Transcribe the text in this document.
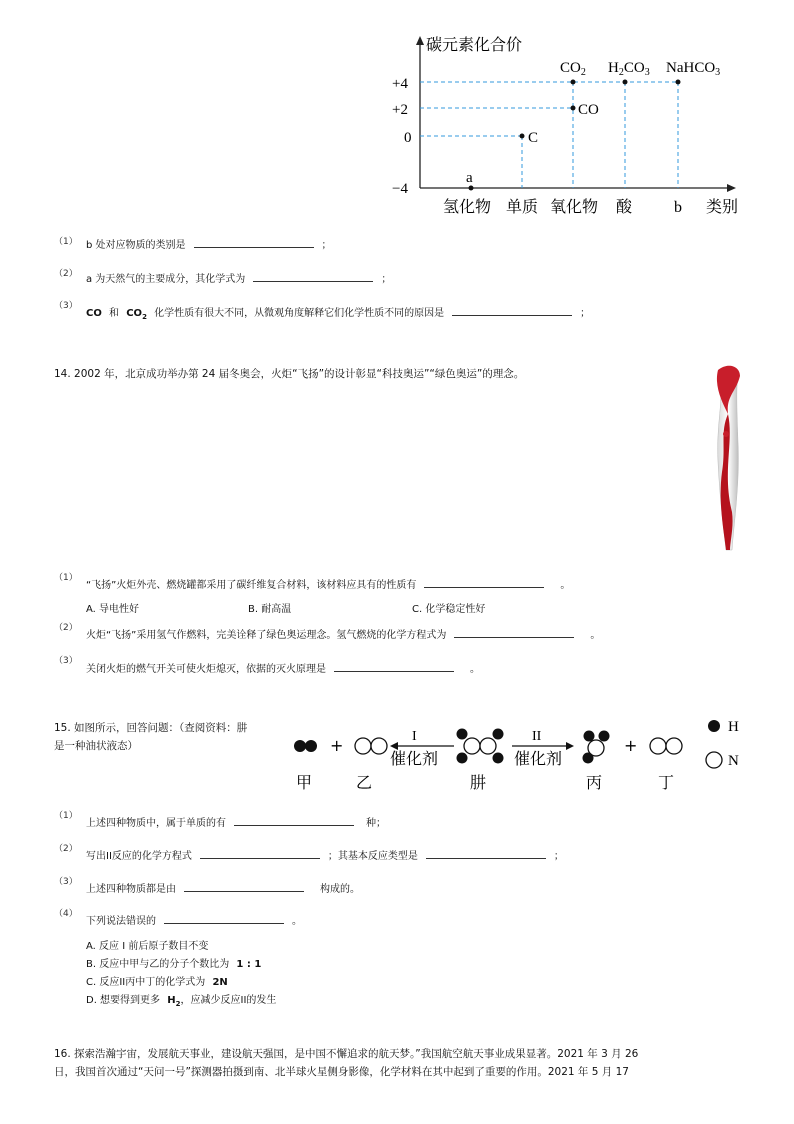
碳元素化合价
+4
+2
0
−4
氢化物 单质 氧化物 酸	b 类别
a
C
CO
$CO_2$ $H_2CO_3$ NaHCO$_3$
（1） b 处对应物质的类别是	；
（2） a 为天然气的主要成分，其化学式为	；
（3）
CO 和 $CO_2$ 化学性质有很大不同，从微观角度解释它们化学性质不同的原因是	；
14. 2002 年，北京成功举办第 24 届冬奥会，火炬“飞扬”的设计彰显“科技奥运”“绿色奥运”的理念。
（1）
“飞扬”火炬外壳、燃烧罐都采用了碳纤维复合材料，该材料应具有的性质有	。
A. 导电性好	B. 耐高温	C. 化学稳定性好
（2）
火炬“飞扬”采用氢气作燃料，完美诠释了绿色奥运理念。氢气燃烧的化学方程式为	。
（3）
关闭火炬的燃气开关可使火炬熄灭，依据的灭火原理是	。
15. 如图所示，回答问题：（查阅资料：肼
是一种油状液态）	+	I
催化剂
II
催化剂
+
H
N
甲	乙	肼	丙	丁
（1）
上述四种物质中，属于单质的有	种；
（2）
写出II反应的化学方程式	；其基本反应类型是	；
（3）
上述四种物质都是由	构成的。
（4）
下列说法错误的	。
A. 反应 I 前后原子数目不变
B. 反应中甲与乙的分子个数比为 1 : 1
C. 反应II丙中丁的化学式为 2N
D. 想要得到更多 $H_2$，应减少反应II的发生
16. 探索浩瀚宇宙，发展航天事业，建设航天强国，是中国不懈追求的航天梦。”我国航空航天事业成果显著。2021 年 3 月 26
日，我国首次通过“天问一号”探测器拍摄到南、北半球火星侧身影像，化学材料在其中起到了重要的作用。2021 年 5 月 17
